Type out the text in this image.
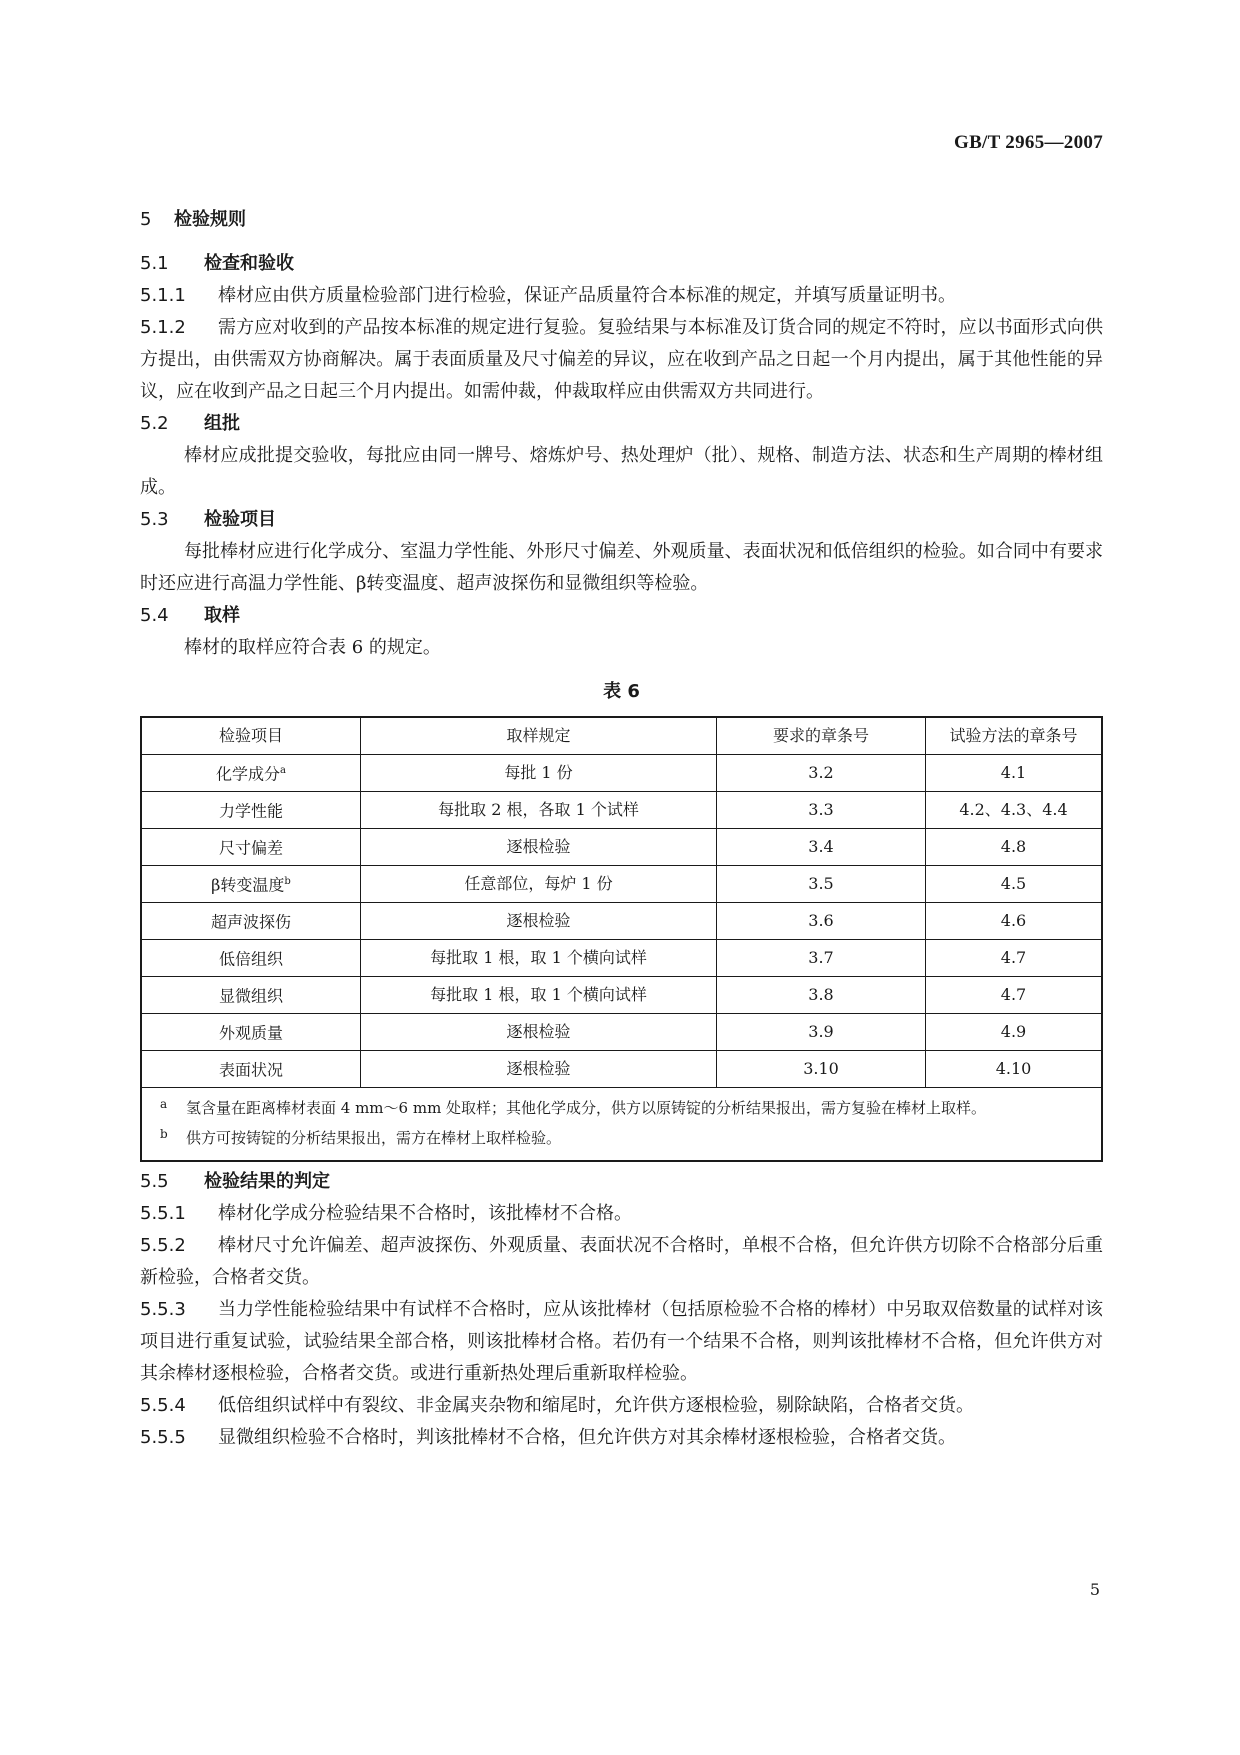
GB/T 2965—2007
5 检验规则
5.1 检查和验收
5.1.1 棒材应由供方质量检验部门进行检验，保证产品质量符合本标准的规定，并填写质量证明书。
5.1.2 需方应对收到的产品按本标准的规定进行复验。复验结果与本标准及订货合同的规定不符时，应以书面形式向供方提出，由供需双方协商解决。属于表面质量及尺寸偏差的异议，应在收到产品之日起一个月内提出，属于其他性能的异议，应在收到产品之日起三个月内提出。如需仲裁，仲裁取样应由供需双方共同进行。
5.2 组批
棒材应成批提交验收，每批应由同一牌号、熔炼炉号、热处理炉（批）、规格、制造方法、状态和生产周期的棒材组成。
5.3 检验项目
每批棒材应进行化学成分、室温力学性能、外形尺寸偏差、外观质量、表面状况和低倍组织的检验。如合同中有要求时还应进行高温力学性能、β转变温度、超声波探伤和显微组织等检验。
5.4 取样
棒材的取样应符合表 6 的规定。
表 6
检验项目	取样规定	要求的章条号	试验方法的章条号
化学成分$^a$	每批 1 份	3.2	4.1
力学性能	每批取 2 根，各取 1 个试样	3.3	4.2、4.3、4.4
尺寸偏差	逐根检验	3.4	4.8
β转变温度$^b$	任意部位，每炉 1 份	3.5	4.5
超声波探伤	逐根检验	3.6	4.6
低倍组织	每批取 1 根，取 1 个横向试样	3.7	4.7
显微组织	每批取 1 根，取 1 个横向试样	3.8	4.7
外观质量	逐根检验	3.9	4.9
表面状况	逐根检验	3.10	4.10

a 氢含量在距离棒材表面 4 mm～6 mm 处取样；其他化学成分，供方以原铸锭的分析结果报出，需方复验在棒材上取样。
b 供方可按铸锭的分析结果报出，需方在棒材上取样检验。			
5.5 检验结果的判定
5.5.1 棒材化学成分检验结果不合格时，该批棒材不合格。
5.5.2 棒材尺寸允许偏差、超声波探伤、外观质量、表面状况不合格时，单根不合格，但允许供方切除不合格部分后重新检验，合格者交货。
5.5.3 当力学性能检验结果中有试样不合格时，应从该批棒材（包括原检验不合格的棒材）中另取双倍数量的试样对该项目进行重复试验，试验结果全部合格，则该批棒材合格。若仍有一个结果不合格，则判该批棒材不合格，但允许供方对其余棒材逐根检验，合格者交货。或进行重新热处理后重新取样检验。
5.5.4 低倍组织试样中有裂纹、非金属夹杂物和缩尾时，允许供方逐根检验，剔除缺陷，合格者交货。
5.5.5 显微组织检验不合格时，判该批棒材不合格，但允许供方对其余棒材逐根检验，合格者交货。
5
